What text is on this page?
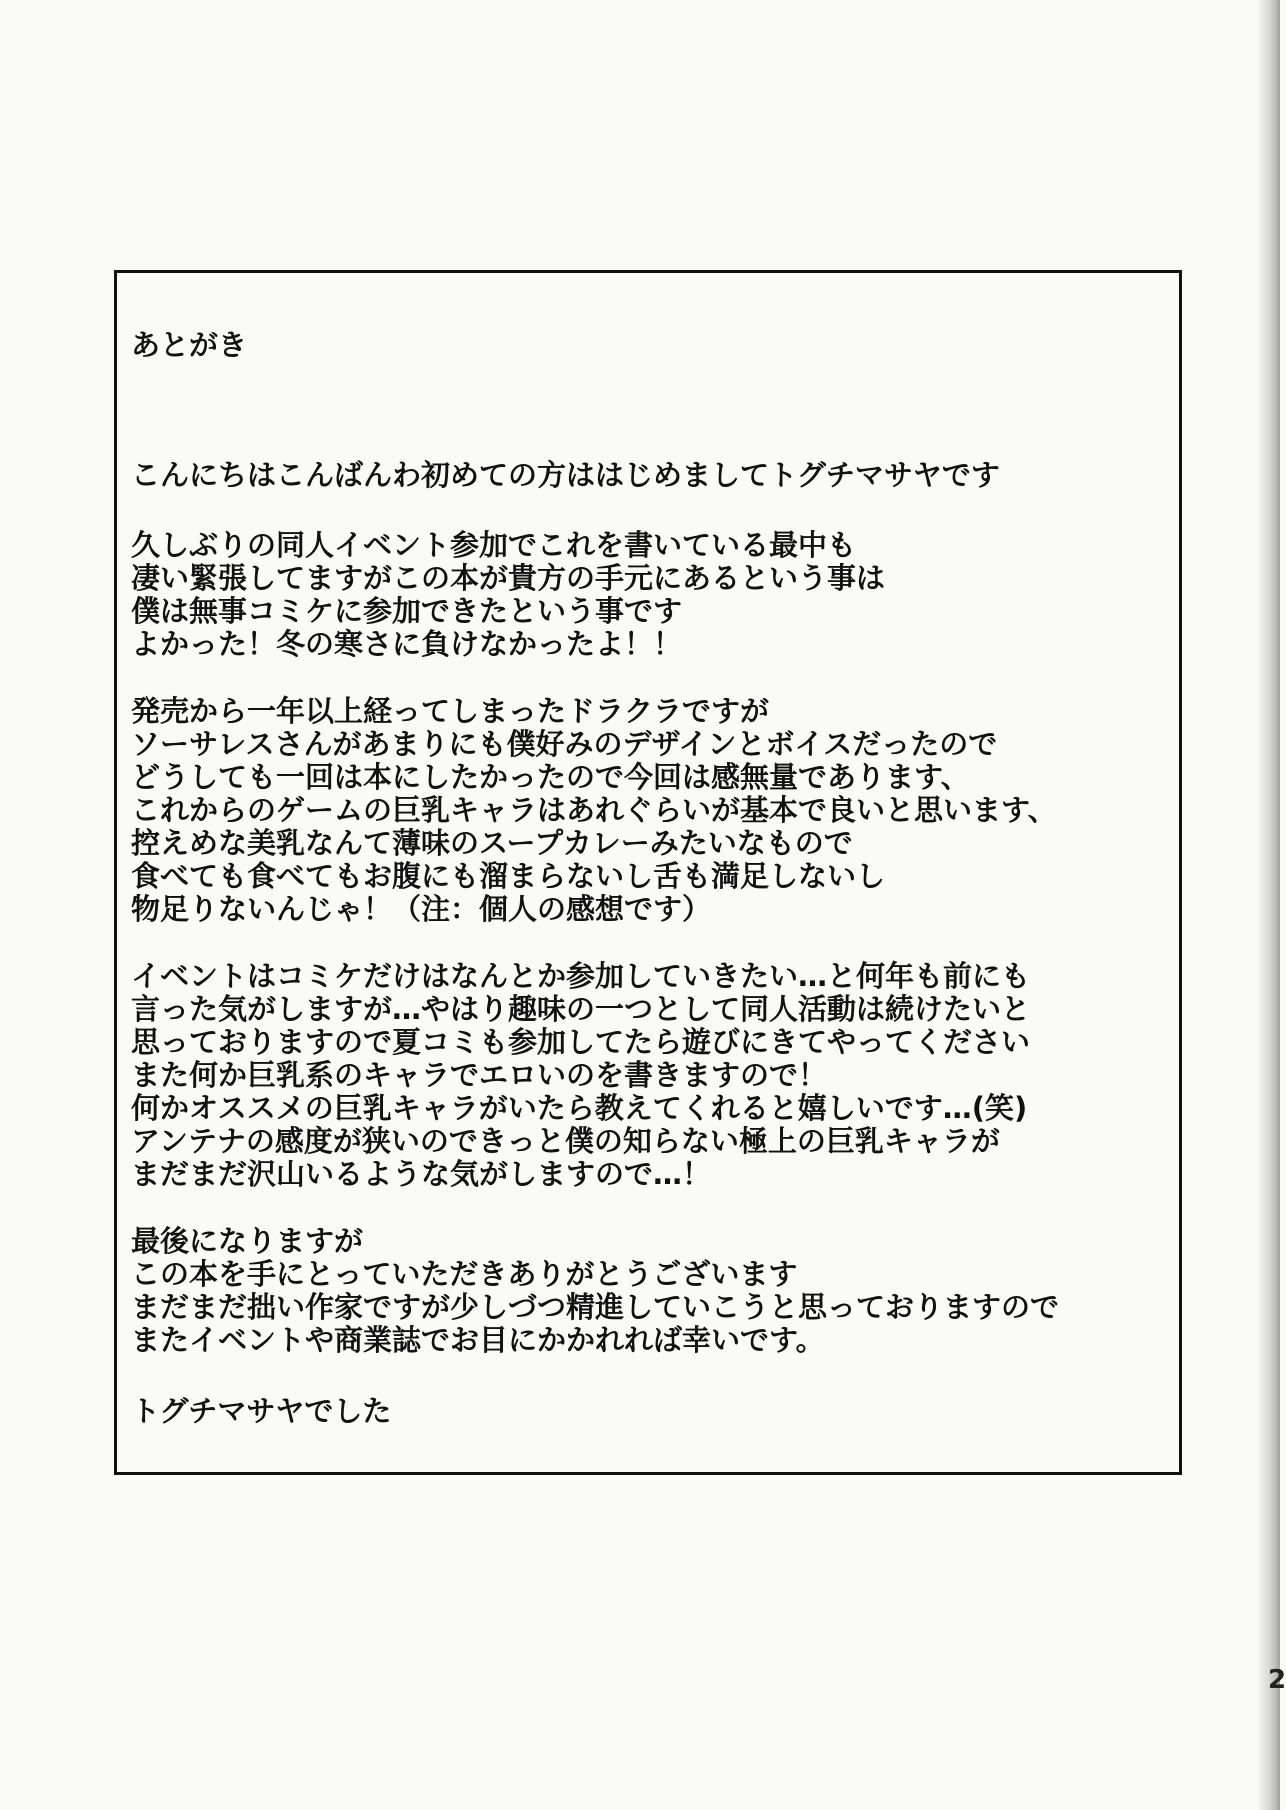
あとがき
こんにちはこんばんわ初めての方ははじめましてトグチマサヤです
久しぶりの同人イベント参加でこれを書いている最中も
凄い緊張してますがこの本が貴方の手元にあるという事は
僕は無事コミケに参加できたという事です
よかった！冬の寒さに負けなかったよ！！
発売から一年以上経ってしまったドラクラですが
ソーサレスさんがあまりにも僕好みのデザインとボイスだったので
どうしても一回は本にしたかったので今回は感無量であります、
これからのゲームの巨乳キャラはあれぐらいが基本で良いと思います、
控えめな美乳なんて薄味のスープカレーみたいなもので
食べても食べてもお腹にも溜まらないし舌も満足しないし
物足りないんじゃ！（注：個人の感想です）
イベントはコミケだけはなんとか参加していきたい…と何年も前にも
言った気がしますが…やはり趣味の一つとして同人活動は続けたいと
思っておりますので夏コミも参加してたら遊びにきてやってください
また何か巨乳系のキャラでエロいのを書きますので！
何かオススメの巨乳キャラがいたら教えてくれると嬉しいです…(笑)
アンテナの感度が狭いのできっと僕の知らない極上の巨乳キャラが
まだまだ沢山いるような気がしますので…！
最後になりますが
この本を手にとっていただきありがとうございます
まだまだ拙い作家ですが少しづつ精進していこうと思っておりますので
またイベントや商業誌でお目にかかれれば幸いです。
トグチマサヤでした
2
